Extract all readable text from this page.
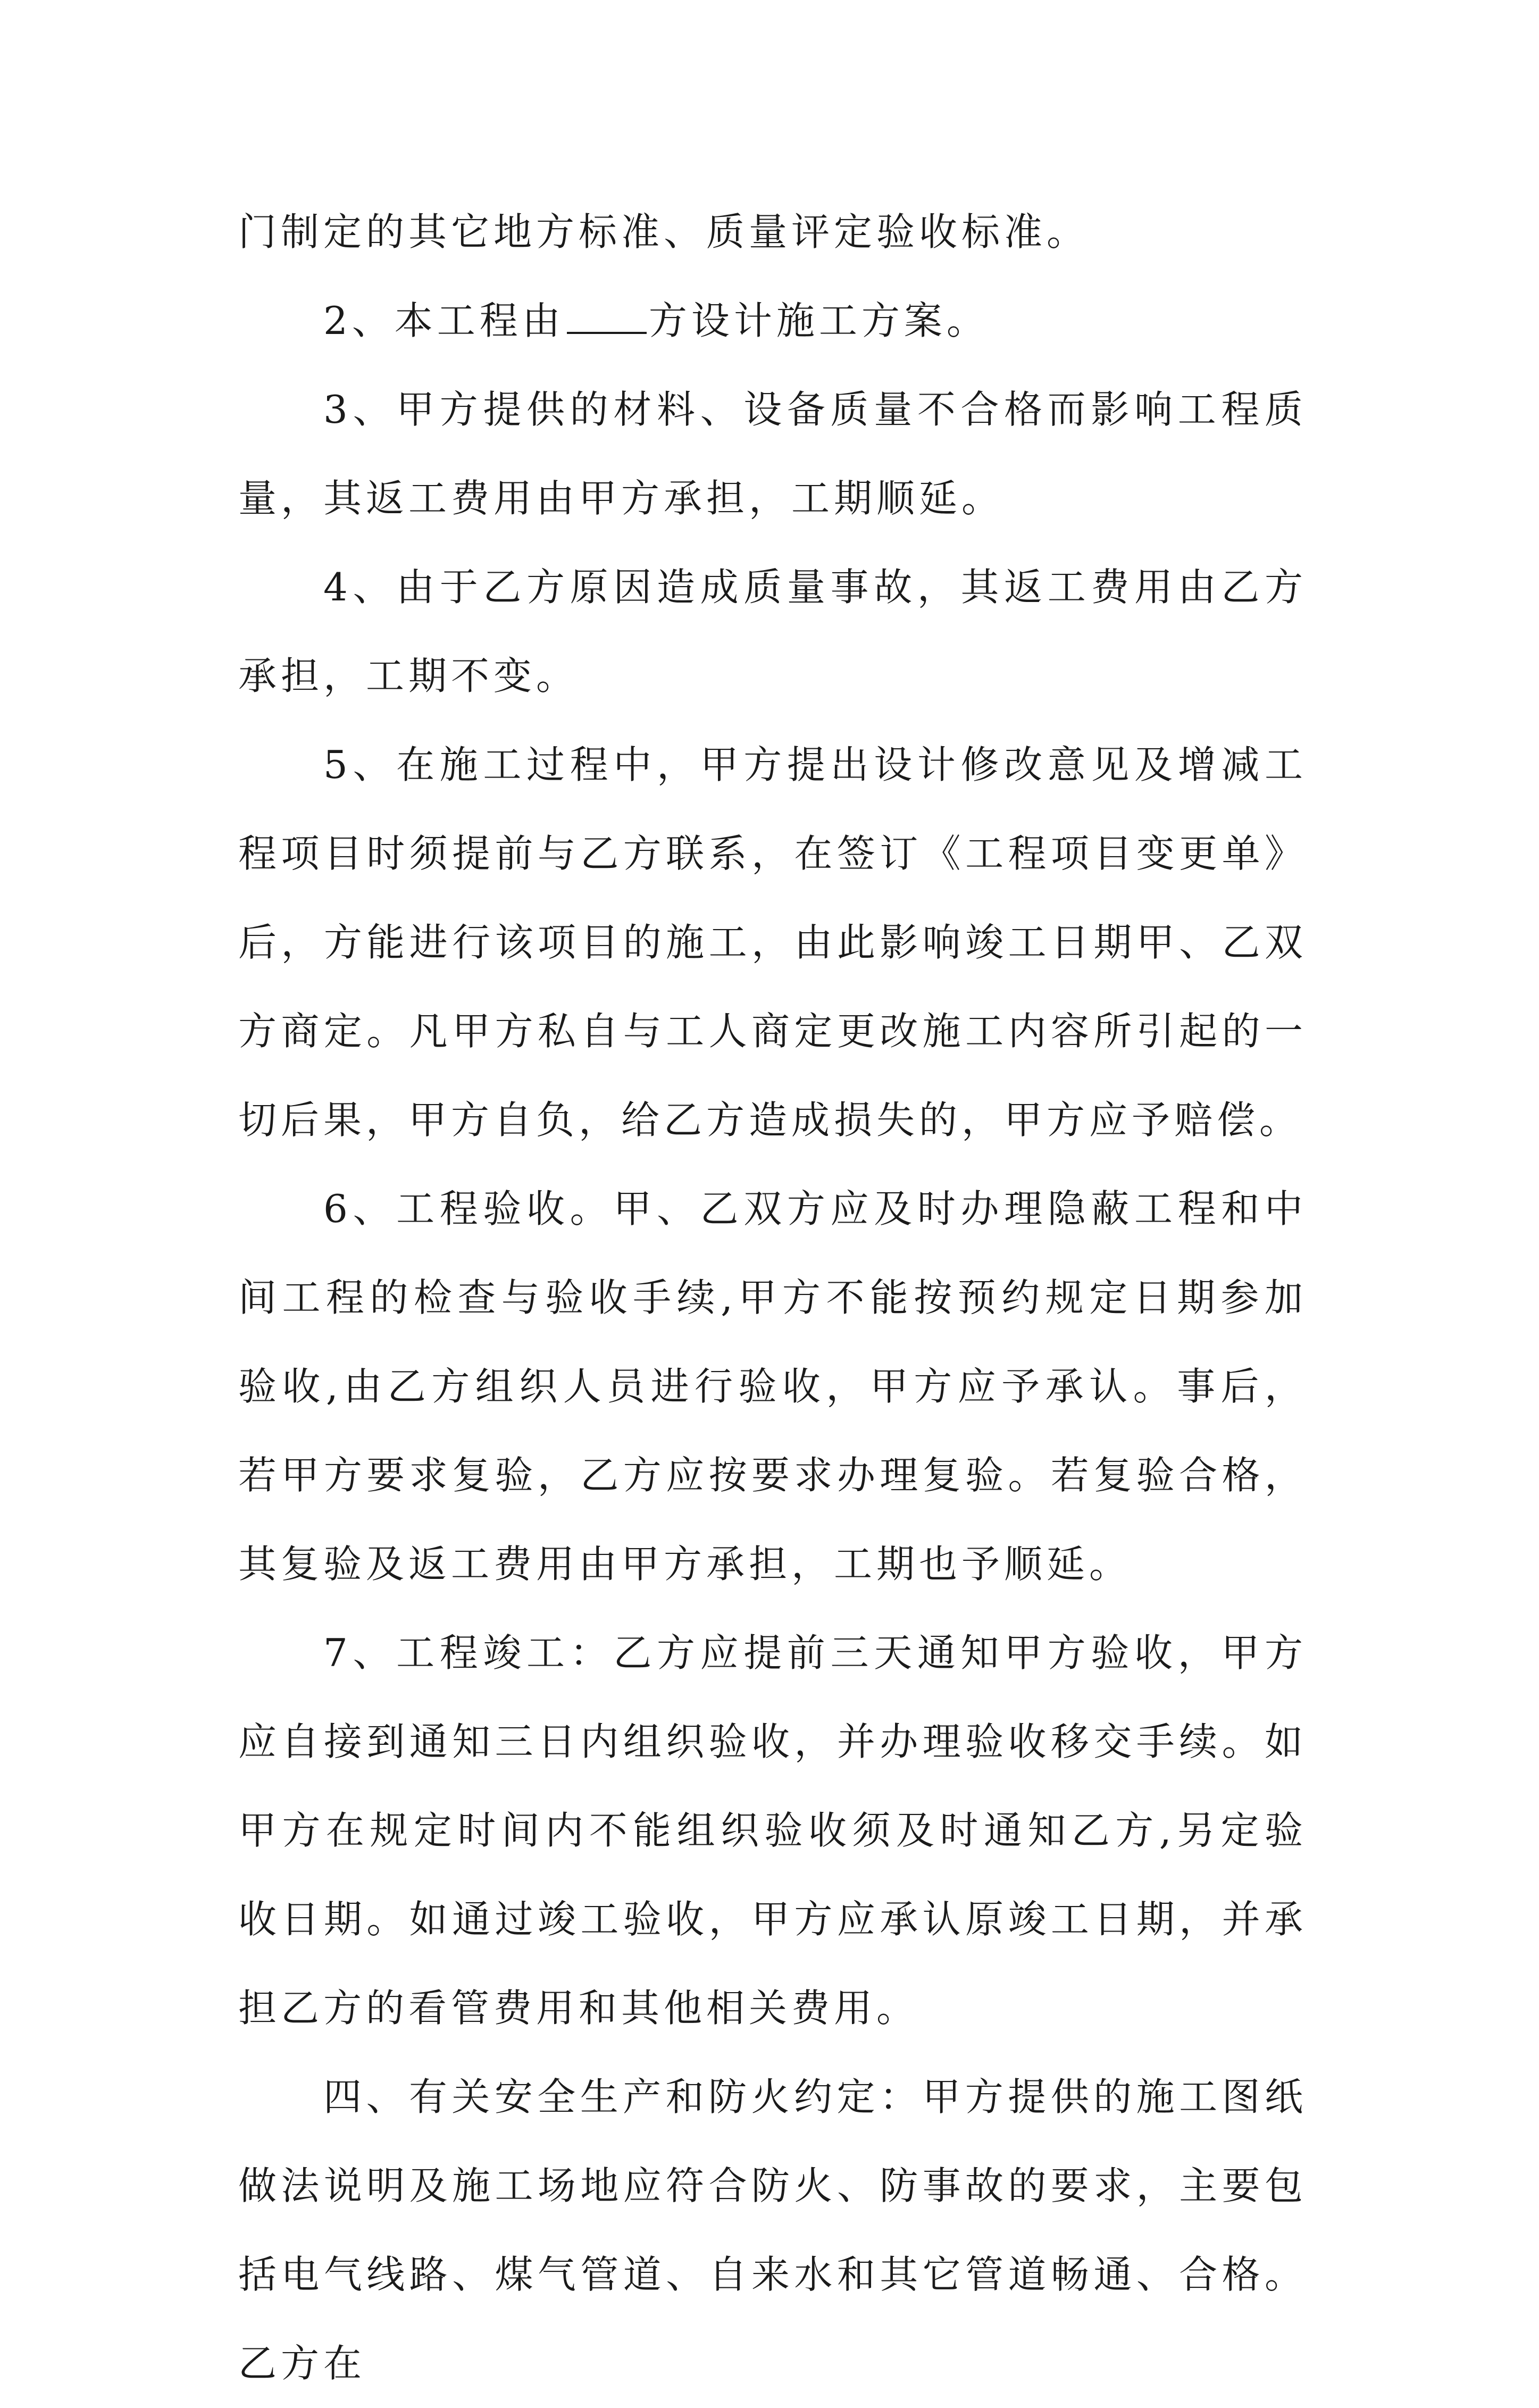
门制定的其它地方标准、质量评定验收标准。

2、本工程由 方设计施工方案。

3、甲方提供的材料、设备质量不合格而影响工程质量，其返工费用由甲方承担，工期顺延。

4、由于乙方原因造成质量事故，其返工费用由乙方承担，工期不变。

5、在施工过程中，甲方提出设计修改意见及增减工程项目时须提前与乙方联系，在签订《工程项目变更单》后，方能进行该项目的施工，由此影响竣工日期甲、乙双方商定。凡甲方私自与工人商定更改施工内容所引起的一切后果，甲方自负，给乙方造成损失的，甲方应予赔偿。

6、工程验收。甲、乙双方应及时办理隐蔽工程和中间工程的检查与验收手续,甲方不能按预约规定日期参加验收,由乙方组织人员进行验收，甲方应予承认。事后，若甲方要求复验，乙方应按要求办理复验。若复验合格，其复验及返工费用由甲方承担，工期也予顺延。

7、工程竣工：乙方应提前三天通知甲方验收，甲方应自接到通知三日内组织验收，并办理验收移交手续。如甲方在规定时间内不能组织验收须及时通知乙方,另定验收日期。如通过竣工验收，甲方应承认原竣工日期，并承担乙方的看管费用和其他相关费用。

四、有关安全生产和防火约定：甲方提供的施工图纸做法说明及施工场地应符合防火、防事故的要求，主要包括电气线路、煤气管道、自来水和其它管道畅通、合格。乙方在
